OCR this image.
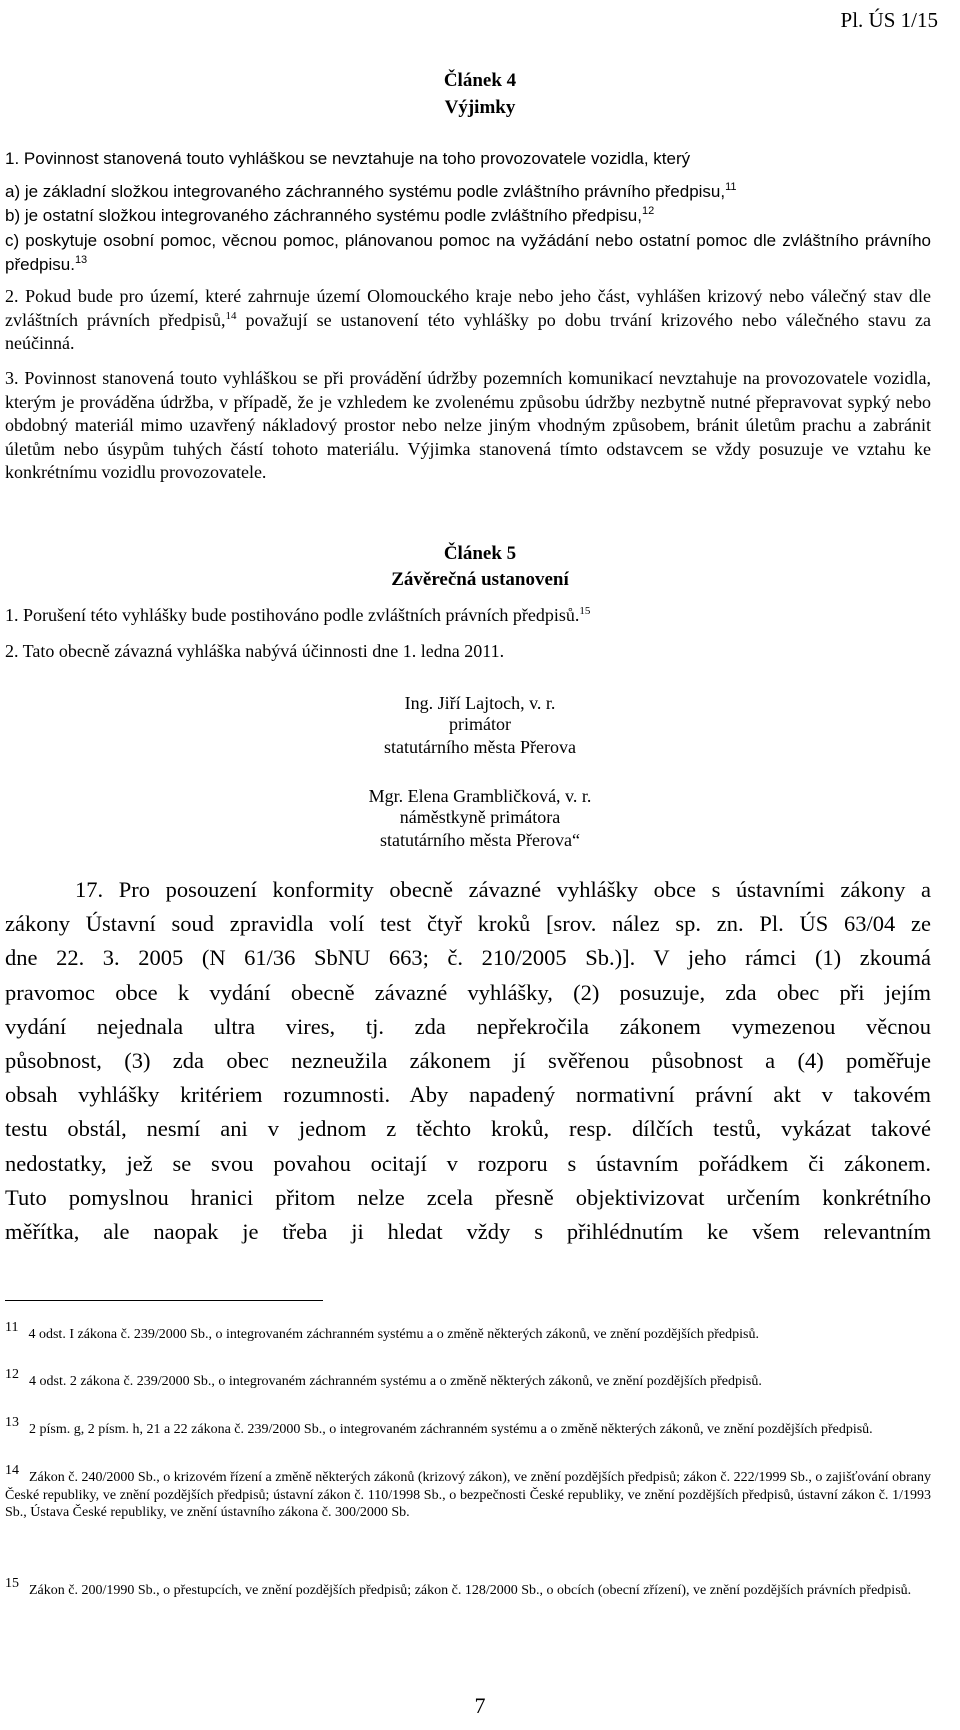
Pl. ÚS 1/15
Článek 4
Výjimky
1. Povinnost stanovená touto vyhláškou se nevztahuje na toho provozovatele vozidla, který
a) je základní složkou integrovaného záchranného systému podle zvláštního právního předpisu,$^{11}$
b) je ostatní složkou integrovaného záchranného systému podle zvláštního předpisu,$^{12}$
c) poskytuje osobní pomoc, věcnou pomoc, plánovanou pomoc na vyžádání nebo ostatní pomoc dle zvláštního právního předpisu.$^{13}$
2. Pokud bude pro území, které zahrnuje území Olomouckého kraje nebo jeho část, vyhlášen krizový nebo válečný stav dle zvláštních právních předpisů,$^{14}$ považují se ustanovení této vyhlášky po dobu trvání krizového nebo válečného stavu za neúčinná.
3. Povinnost stanovená touto vyhláškou se při provádění údržby pozemních komunikací nevztahuje na provozovatele vozidla, kterým je prováděna údržba, v případě, že je vzhledem ke zvolenému způsobu údržby nezbytně nutné přepravovat sypký nebo obdobný materiál mimo uzavřený nákladový prostor nebo nelze jiným vhodným způsobem, bránit úletům prachu a zabránit úletům nebo úsypům tuhých částí tohoto materiálu. Výjimka stanovená tímto odstavcem se vždy posuzuje ve vztahu ke konkrétnímu vozidlu provozovatele.
Článek 5
Závěrečná ustanovení
1. Porušení této vyhlášky bude postihováno podle zvláštních právních předpisů.$^{15}$
2. Tato obecně závazná vyhláška nabývá účinnosti dne 1. ledna 2011.
Ing. Jiří Lajtoch, v. r.
primátor
statutárního města Přerova
Mgr. Elena Grambličková, v. r.
náměstkyně primátora
statutárního města Přerova“
17. Pro posouzení konformity obecně závazné vyhlášky obce s ústavními zákony a
zákony Ústavní soud zpravidla volí test čtyř kroků [srov. nález sp. zn. Pl. ÚS 63/04 ze
dne 22. 3. 2005 (N 61/36 SbNU 663; č. 210/2005 Sb.)]. V jeho rámci (1) zkoumá
pravomoc obce k vydání obecně závazné vyhlášky, (2) posuzuje, zda obec při jejím
vydání nejednala ultra vires, tj. zda nepřekročila zákonem vymezenou věcnou
působnost, (3) zda obec nezneužila zákonem jí svěřenou působnost a (4) poměřuje
obsah vyhlášky kritériem rozumnosti. Aby napadený normativní právní akt v takovém
testu obstál, nesmí ani v jednom z těchto kroků, resp. dílčích testů, vykázat takové
nedostatky, jež se svou povahou ocitají v rozporu s ústavním pořádkem či zákonem.
Tuto pomyslnou hranici přitom nelze zcela přesně objektivizovat určením konkrétního
měřítka, ale naopak je třeba ji hledat vždy s přihlédnutím ke všem relevantním
11 4 odst. I zákona č. 239/2000 Sb., o integrovaném záchranném systému a o změně některých zákonů, ve znění pozdějších předpisů.
12 4 odst. 2 zákona č. 239/2000 Sb., o integrovaném záchranném systému a o změně některých zákonů, ve znění pozdějších předpisů.
13 2 písm. g, 2 písm. h, 21 a 22 zákona č. 239/2000 Sb., o integrovaném záchranném systému a o změně některých zákonů, ve znění pozdějších předpisů.
14 Zákon č. 240/2000 Sb., o krizovém řízení a změně některých zákonů (krizový zákon), ve znění pozdějších předpisů; zákon č. 222/1999 Sb., o zajišťování obrany České republiky, ve znění pozdějších předpisů; ústavní zákon č. 110/1998 Sb., o bezpečnosti České republiky, ve znění pozdějších předpisů, ústavní zákon č. 1/1993 Sb., Ústava České republiky, ve znění ústavního zákona č. 300/2000 Sb.
15 Zákon č. 200/1990 Sb., o přestupcích, ve znění pozdějších předpisů; zákon č. 128/2000 Sb., o obcích (obecní zřízení), ve znění pozdějších právních předpisů.
7
